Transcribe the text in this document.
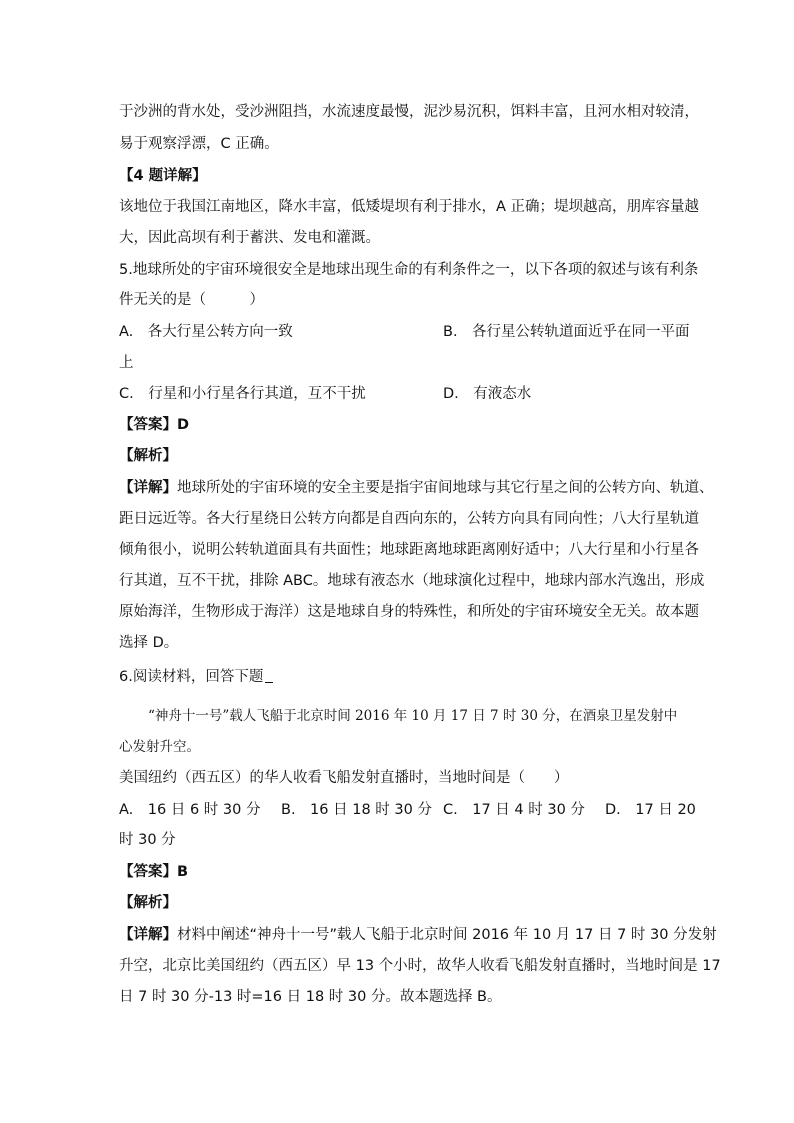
于沙洲的背水处，受沙洲阻挡，水流速度最慢，泥沙易沉积，饵料丰富，且河水相对较清，
易于观察浮漂，C 正确。
【4 题详解】
该地位于我国江南地区，降水丰富，低矮堤坝有利于排水，A 正确；堤坝越高，朋库容量越
大，因此高坝有利于蓄洪、发电和灌溉。
5.地球所处的宇宙环境很安全是地球出现生命的有利条件之一，以下各项的叙述与该有利条
件无关的是（　　　）
A.　各大行星公转方向一致	B.　各行星公转轨道面近乎在同一平面
上
C.　行星和小行星各行其道，互不干扰	D.　有液态水
【答案】D
【解析】
【详解】地球所处的宇宙环境的安全主要是指宇宙间地球与其它行星之间的公转方向、轨道、
距日远近等。各大行星绕日公转方向都是自西向东的，公转方向具有同向性；八大行星轨道
倾角很小，说明公转轨道面具有共面性；地球距离地球距离刚好适中；八大行星和小行星各
行其道，互不干扰，排除 ABC。地球有液态水（地球演化过程中，地球内部水汽逸出，形成
原始海洋，生物形成于海洋）这是地球自身的特殊性，和所处的宇宙环境安全无关。故本题
选择 D。
6.阅读材料，回答下题
“神舟十一号”载人飞船于北京时间 2016 年 10 月 17 日 7 时 30 分，在酒泉卫星发射中
心发射升空。
美国纽约（西五区）的华人收看飞船发射直播时，当地时间是（　　）
A.　16 日 6 时 30 分 B.　16 日 18 时 30 分 C.　17 日 4 时 30 分 D.　17 日 20
时 30 分
【答案】B
【解析】
【详解】材料中阐述“神舟十一号”载人飞船于北京时间 2016 年 10 月 17 日 7 时 30 分发射
升空，北京比美国纽约（西五区）早 13 个小时，故华人收看飞船发射直播时，当地时间是 17
日 7 时 30 分-13 时=16 日 18 时 30 分。故本题选择 B。
